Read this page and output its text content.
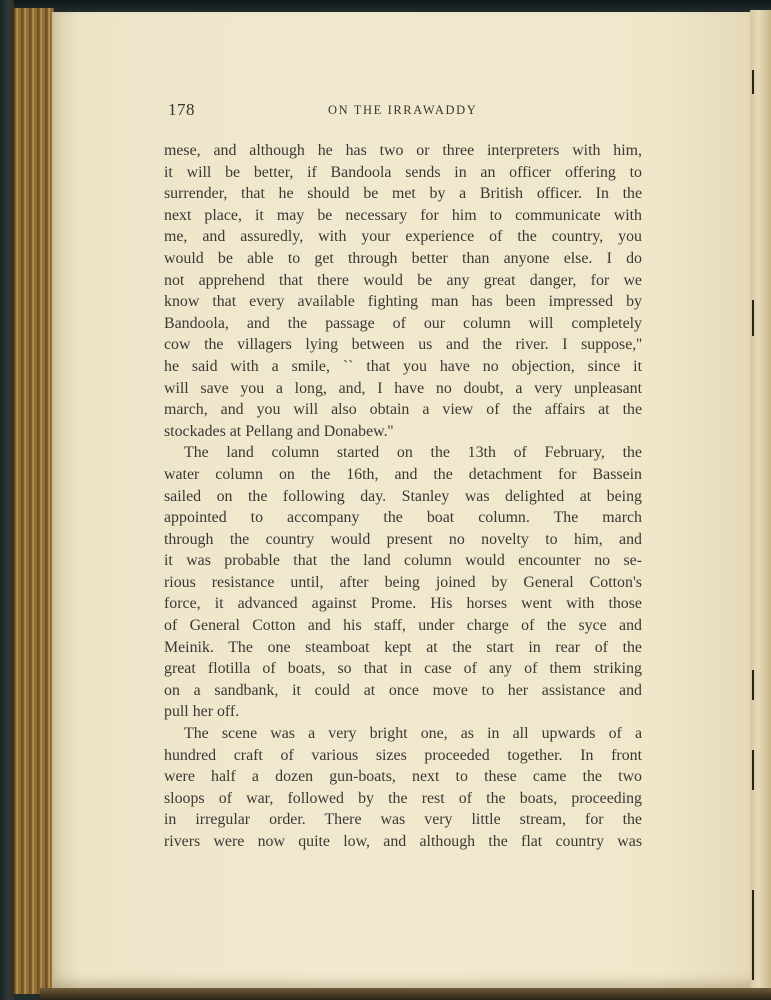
178	ON THE IRRAWADDY
mese, and although he has two or three interpreters with him,
it will be better, if Bandoola sends in an officer offering to
surrender, that he should be met by a British officer. In the
next place, it may be necessary for him to communicate with
me, and assuredly, with your experience of the country, you
would be able to get through better than anyone else. I do
not apprehend that there would be any great danger, for we
know that every available fighting man has been impressed by
Bandoola, and the passage of our column will completely
cow the villagers lying between us and the river. I suppose,''
he said with a smile, `` that you have no objection, since it
will save you a long, and, I have no doubt, a very unpleasant
march, and you will also obtain a view of the affairs at the
stockades at Pellang and Donabew.''
The land column started on the 13th of February, the
water column on the 16th, and the detachment for Bassein
sailed on the following day. Stanley was delighted at being
appointed to accompany the boat column. The march
through the country would present no novelty to him, and
it was probable that the land column would encounter no se-
rious resistance until, after being joined by General Cotton's
force, it advanced against Prome. His horses went with those
of General Cotton and his staff, under charge of the syce and
Meinik. The one steamboat kept at the start in rear of the
great flotilla of boats, so that in case of any of them striking
on a sandbank, it could at once move to her assistance and
pull her off.
The scene was a very bright one, as in all upwards of a
hundred craft of various sizes proceeded together. In front
were half a dozen gun-boats, next to these came the two
sloops of war, followed by the rest of the boats, proceeding
in irregular order. There was very little stream, for the
rivers were now quite low, and although the flat country was
